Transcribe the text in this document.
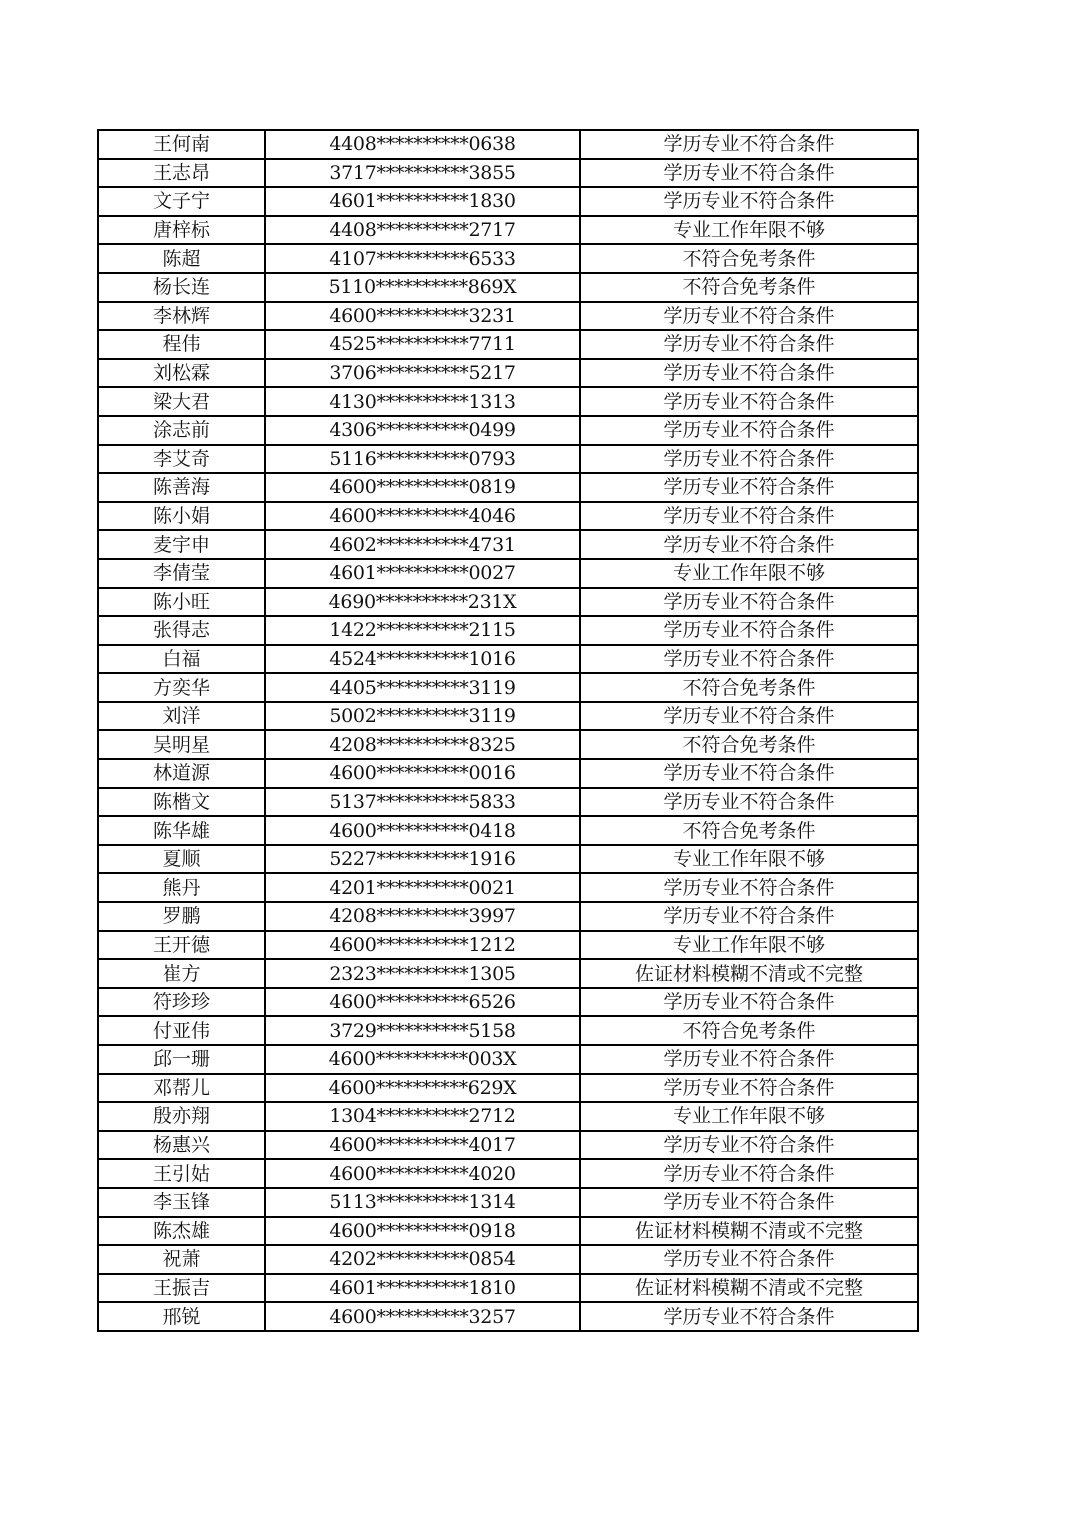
王何南	4408**********0638	学历专业不符合条件
王志昂	3717**********3855	学历专业不符合条件
文子宁	4601**********1830	学历专业不符合条件
唐梓标	4408**********2717	专业工作年限不够
陈超	4107**********6533	不符合免考条件
杨长连	5110**********869X	不符合免考条件
李林辉	4600**********3231	学历专业不符合条件
程伟	4525**********7711	学历专业不符合条件
刘松霖	3706**********5217	学历专业不符合条件
梁大君	4130**********1313	学历专业不符合条件
涂志前	4306**********0499	学历专业不符合条件
李艾奇	5116**********0793	学历专业不符合条件
陈善海	4600**********0819	学历专业不符合条件
陈小娟	4600**********4046	学历专业不符合条件
麦宇申	4602**********4731	学历专业不符合条件
李倩莹	4601**********0027	专业工作年限不够
陈小旺	4690**********231X	学历专业不符合条件
张得志	1422**********2115	学历专业不符合条件
白福	4524**********1016	学历专业不符合条件
方奕华	4405**********3119	不符合免考条件
刘洋	5002**********3119	学历专业不符合条件
吴明星	4208**********8325	不符合免考条件
林道源	4600**********0016	学历专业不符合条件
陈楷文	5137**********5833	学历专业不符合条件
陈华雄	4600**********0418	不符合免考条件
夏顺	5227**********1916	专业工作年限不够
熊丹	4201**********0021	学历专业不符合条件
罗鹏	4208**********3997	学历专业不符合条件
王开德	4600**********1212	专业工作年限不够
崔方	2323**********1305	佐证材料模糊不清或不完整
符珍珍	4600**********6526	学历专业不符合条件
付亚伟	3729**********5158	不符合免考条件
邱一珊	4600**********003X	学历专业不符合条件
邓帮儿	4600**********629X	学历专业不符合条件
殷亦翔	1304**********2712	专业工作年限不够
杨惠兴	4600**********4017	学历专业不符合条件
王引姑	4600**********4020	学历专业不符合条件
李玉锋	5113**********1314	学历专业不符合条件
陈杰雄	4600**********0918	佐证材料模糊不清或不完整
祝萧	4202**********0854	学历专业不符合条件
王振吉	4601**********1810	佐证材料模糊不清或不完整
邢锐	4600**********3257	学历专业不符合条件
